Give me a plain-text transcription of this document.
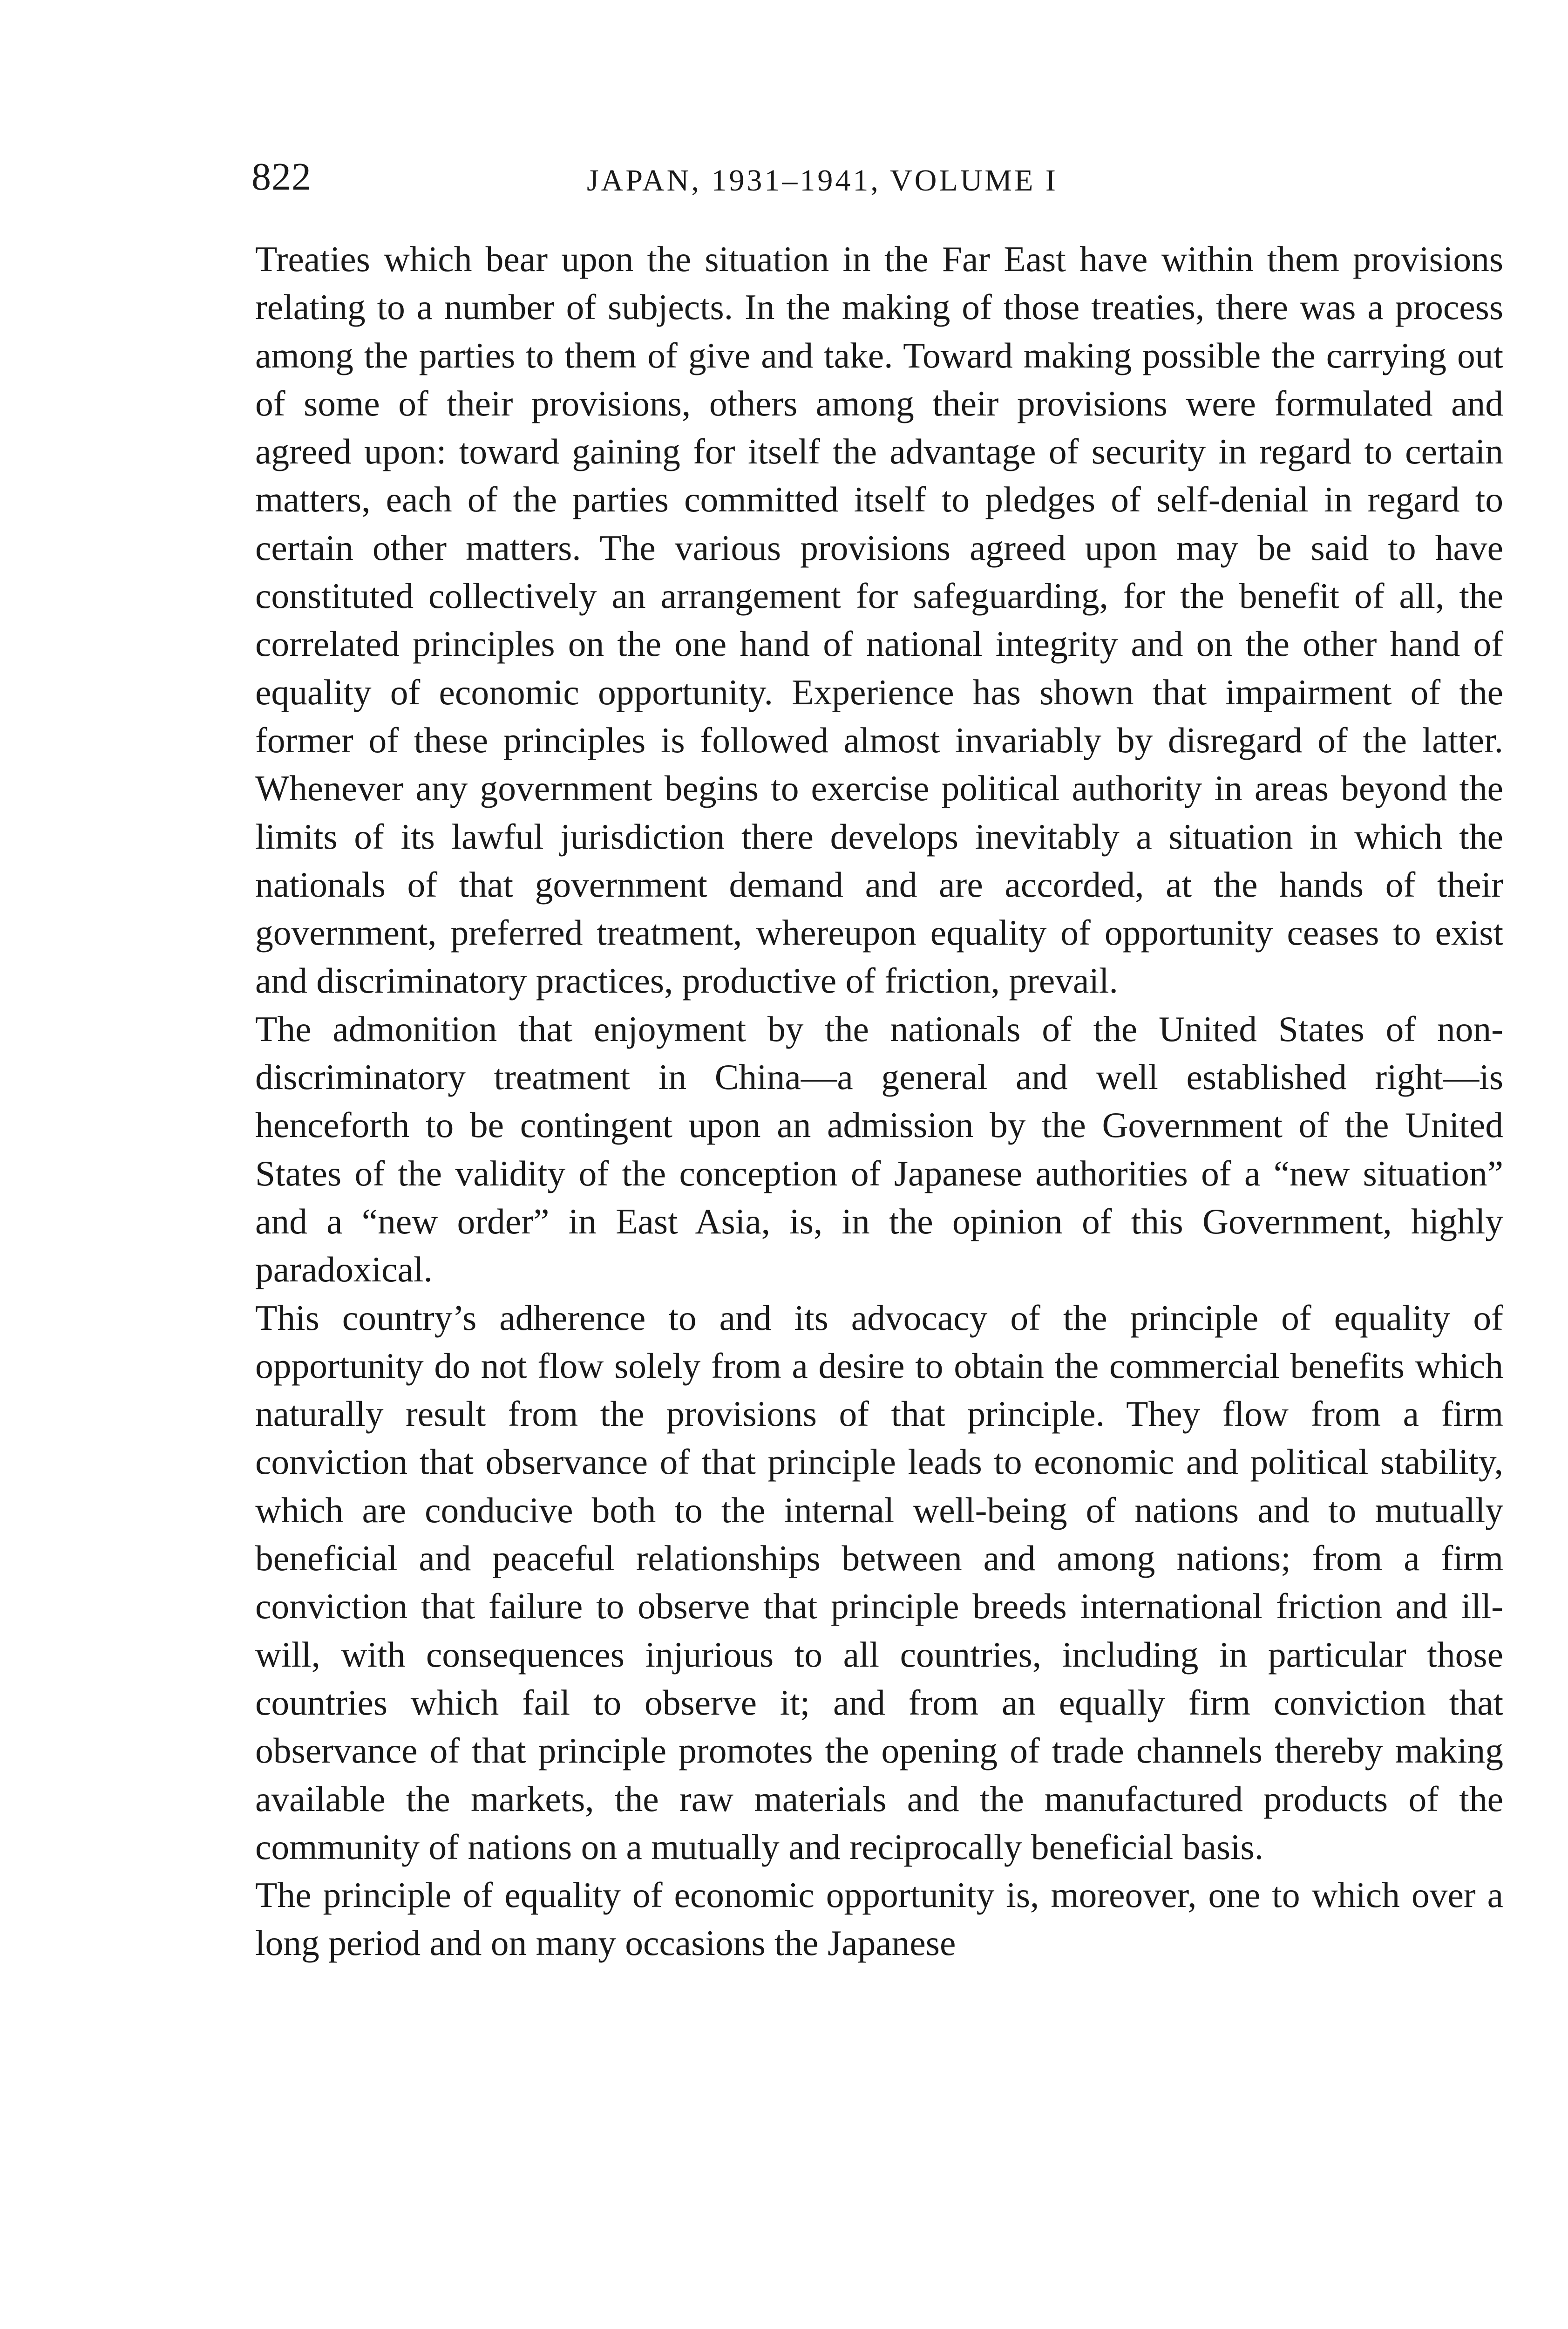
822	JAPAN, 1931–1941, VOLUME I

Treaties which bear upon the situation in the Far East have within them provisions relating to a number of subjects. In the making of those treaties, there was a process among the parties to them of give and take. Toward making possible the carrying out of some of their provisions, others among their provisions were formulated and agreed upon: toward gaining for itself the advantage of security in regard to certain matters, each of the parties committed itself to pledges of self-denial in regard to certain other matters. The various provisions agreed upon may be said to have constituted collectively an arrangement for safeguarding, for the benefit of all, the correlated principles on the one hand of national integrity and on the other hand of equality of economic opportunity. Experience has shown that impairment of the former of these principles is followed almost invariably by disregard of the latter. Whenever any government begins to exercise political authority in areas beyond the limits of its lawful jurisdiction there develops inevitably a situation in which the nationals of that government demand and are accorded, at the hands of their government, preferred treatment, whereupon equality of opportunity ceases to exist and discriminatory practices, productive of friction, prevail.

The admonition that enjoyment by the nationals of the United States of non-discriminatory treatment in China—a general and well established right—is henceforth to be contingent upon an admission by the Government of the United States of the validity of the conception of Japanese authorities of a “new situation” and a “new order” in East Asia, is, in the opinion of this Government, highly paradoxical.

This country’s adherence to and its advocacy of the principle of equality of opportunity do not flow solely from a desire to obtain the commercial benefits which naturally result from the provisions of that principle. They flow from a firm conviction that observance of that principle leads to economic and political stability, which are conducive both to the internal well-being of nations and to mutually beneficial and peaceful relationships between and among nations; from a firm conviction that failure to observe that principle breeds international friction and ill-will, with consequences injurious to all countries, including in particular those countries which fail to observe it; and from an equally firm conviction that observance of that principle promotes the opening of trade channels thereby making available the markets, the raw materials and the manufactured products of the community of nations on a mutually and reciprocally beneficial basis.

The principle of equality of economic opportunity is, moreover, one to which over a long period and on many occasions the Japanese
